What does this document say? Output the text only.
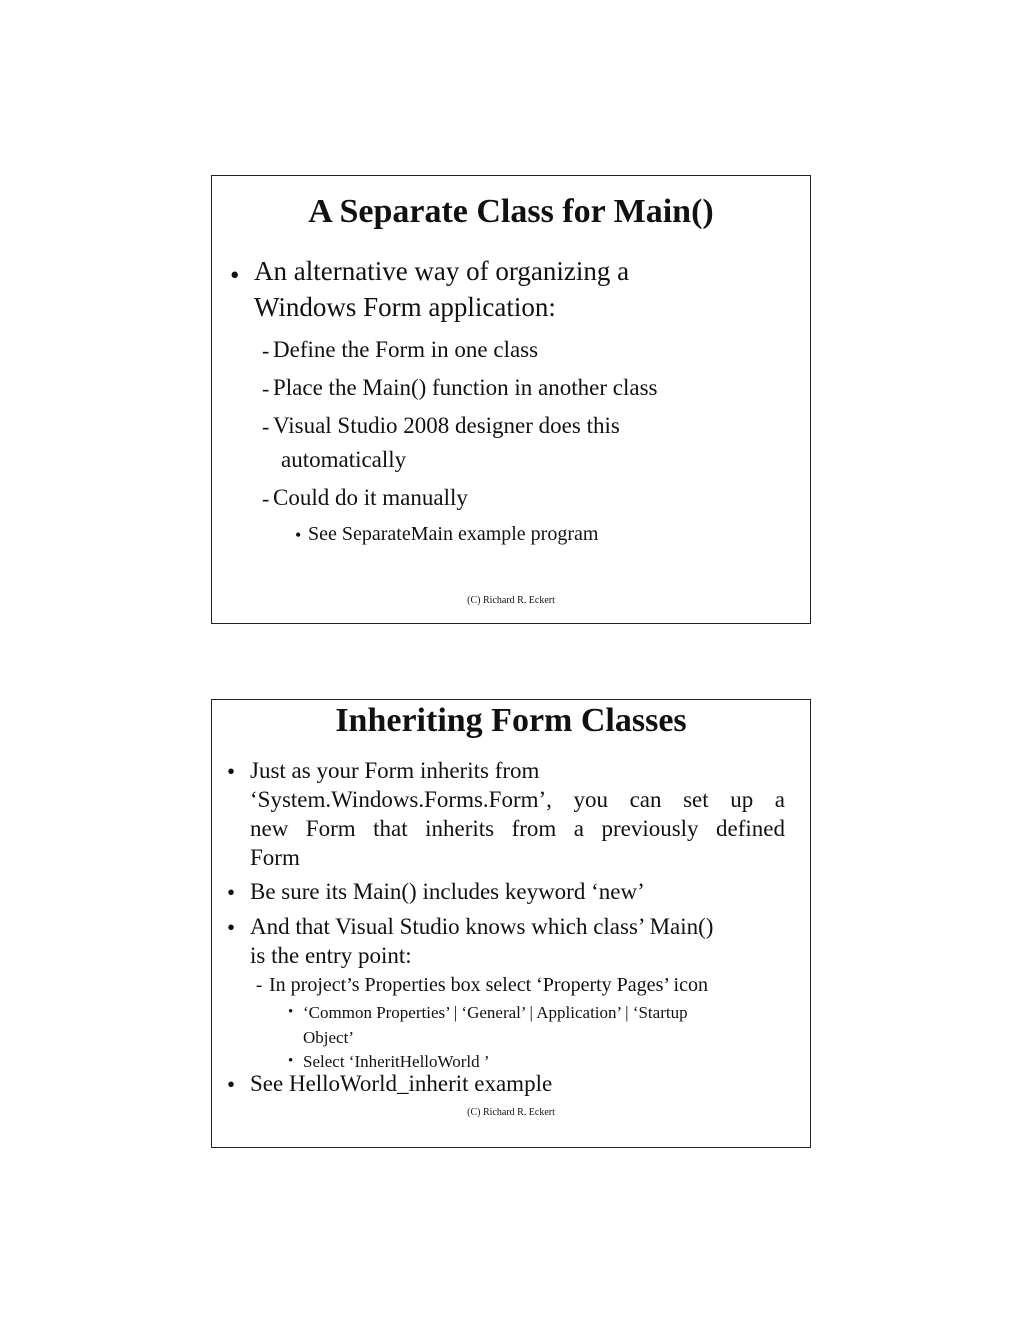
A Separate Class for Main()
• An alternative way of organizing a
Windows Form application:
- Define the Form in one class
- Place the Main() function in another class
- Visual Studio 2008 designer does this
automatically
- Could do it manually
• See SeparateMain example program
(C) Richard R. Eckert
Inheriting Form Classes
• Just as your Form inherits from
‘System.Windows.Forms.Form’, you can set up a
new Form that inherits from a previously defined
Form
• Be sure its Main() includes keyword ‘new’
• And that Visual Studio knows which class’ Main()
is the entry point:
- In project’s Properties box select ‘Property Pages’ icon
• ‘Common Properties’ | ‘General’ | Application’ | ‘Startup
Object’
• Select ‘InheritHelloWorld ’
• See HelloWorld_inherit example
(C) Richard R. Eckert
